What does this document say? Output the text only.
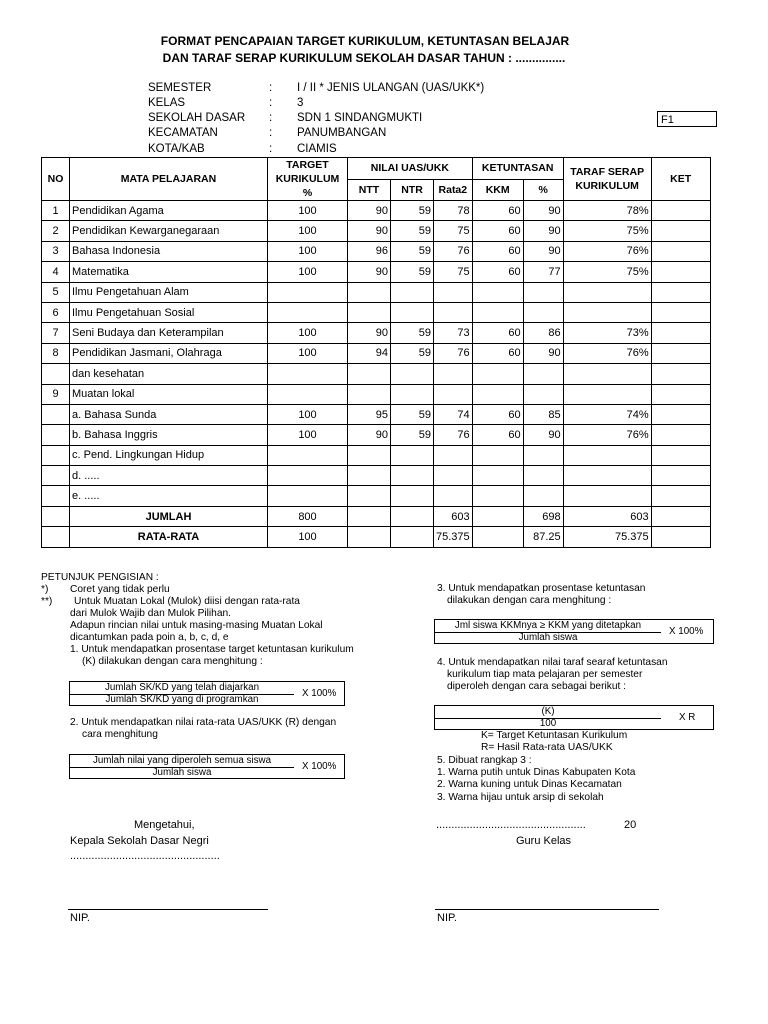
FORMAT PENCAPAIAN TARGET KURIKULUM, KETUNTASAN BELAJAR
DAN TARAF SERAP KURIKULUM SEKOLAH DASAR TAHUN : ...............
SEMESTER	: I / II * JENIS ULANGAN (UAS/UKK*)
KELAS	: 3
SEKOLAH DASAR : SDN 1 SINDANGMUKTI
KECAMATAN	: PANUMBANGAN
KOTA/KAB	: CIAMIS
F1
NO	MATA PELAJARAN	TARGET KURIKULUM %	NILAI UAS/UKK			KETUNTASAN		TARAF SERAP KURIKULUM	KET
			NTT	NTR	Rata2	KKM	%		
1	Pendidikan Agama	100	90	59	78	60	90	78%	
2	Pendidikan Kewarganegaraan	100	90	59	75	60	90	75%	
3	Bahasa Indonesia	100	96	59	76	60	90	76%	
4	Matematika	100	90	59	75	60	77	75%	
5	Ilmu Pengetahuan Alam								
6	Ilmu Pengetahuan Sosial								
7	Seni Budaya dan Keterampilan	100	90	59	73	60	86	73%	
8	Pendidikan Jasmani, Olahraga	100	94	59	76	60	90	76%	
	dan kesehatan								
9	Muatan lokal								
	a. Bahasa Sunda	100	95	59	74	60	85	74%	
	b. Bahasa Inggris	100	90	59	76	60	90	76%	
	c. Pend. Lingkungan Hidup								
	d. .....								
	e. .....								
	JUMLAH	800			603		698	603	
	RATA-RATA	100			75.375		87.25	75.375	
PETUNJUK PENGISIAN :
*) Coret yang tidak perlu
**) Untuk Muatan Lokal (Mulok) diisi dengan rata-rata
dari Mulok Wajib dan Mulok Pilihan.
Adapun rincian nilai untuk masing-masing Muatan Lokal
dicantumkan pada poin a, b, c, d, e
1. Untuk mendapatkan prosentase target ketuntasan kurikulum
(K) dilakukan dengan cara menghitung :
Jumlah SK/KD yang telah diajarkan
Jumlah SK/KD yang di programkan
X 100%
2. Untuk mendapatkan nilai rata-rata UAS/UKK (R) dengan
cara menghitung
Jumlah nilai yang diperoleh semua siswa
Jumlah siswa
X 100%
3. Untuk mendapatkan prosentase ketuntasan
dilakukan dengan cara menghitung :
Jml siswa KKMnya ≥ KKM yang ditetapkan
Jumlah siswa
X 100%
4. Untuk mendapatkan nilai taraf searaf ketuntasan
kurikulum tiap mata pelajaran per semester
diperoleh dengan cara sebagai berikut :
(K)
100
X R
K= Target Ketuntasan Kurikulum
R= Hasil Rata-rata UAS/UKK
5. Dibuat rangkap 3 :
1. Warna putih untuk Dinas Kabupaten Kota
2. Warna kuning untuk Dinas Kecamatan
3. Warna hijau untuk arsip di sekolah
Mengetahui,
Kepala Sekolah Dasar Negri
.................................................
NIP.
.................................................	20
Guru Kelas
NIP.
